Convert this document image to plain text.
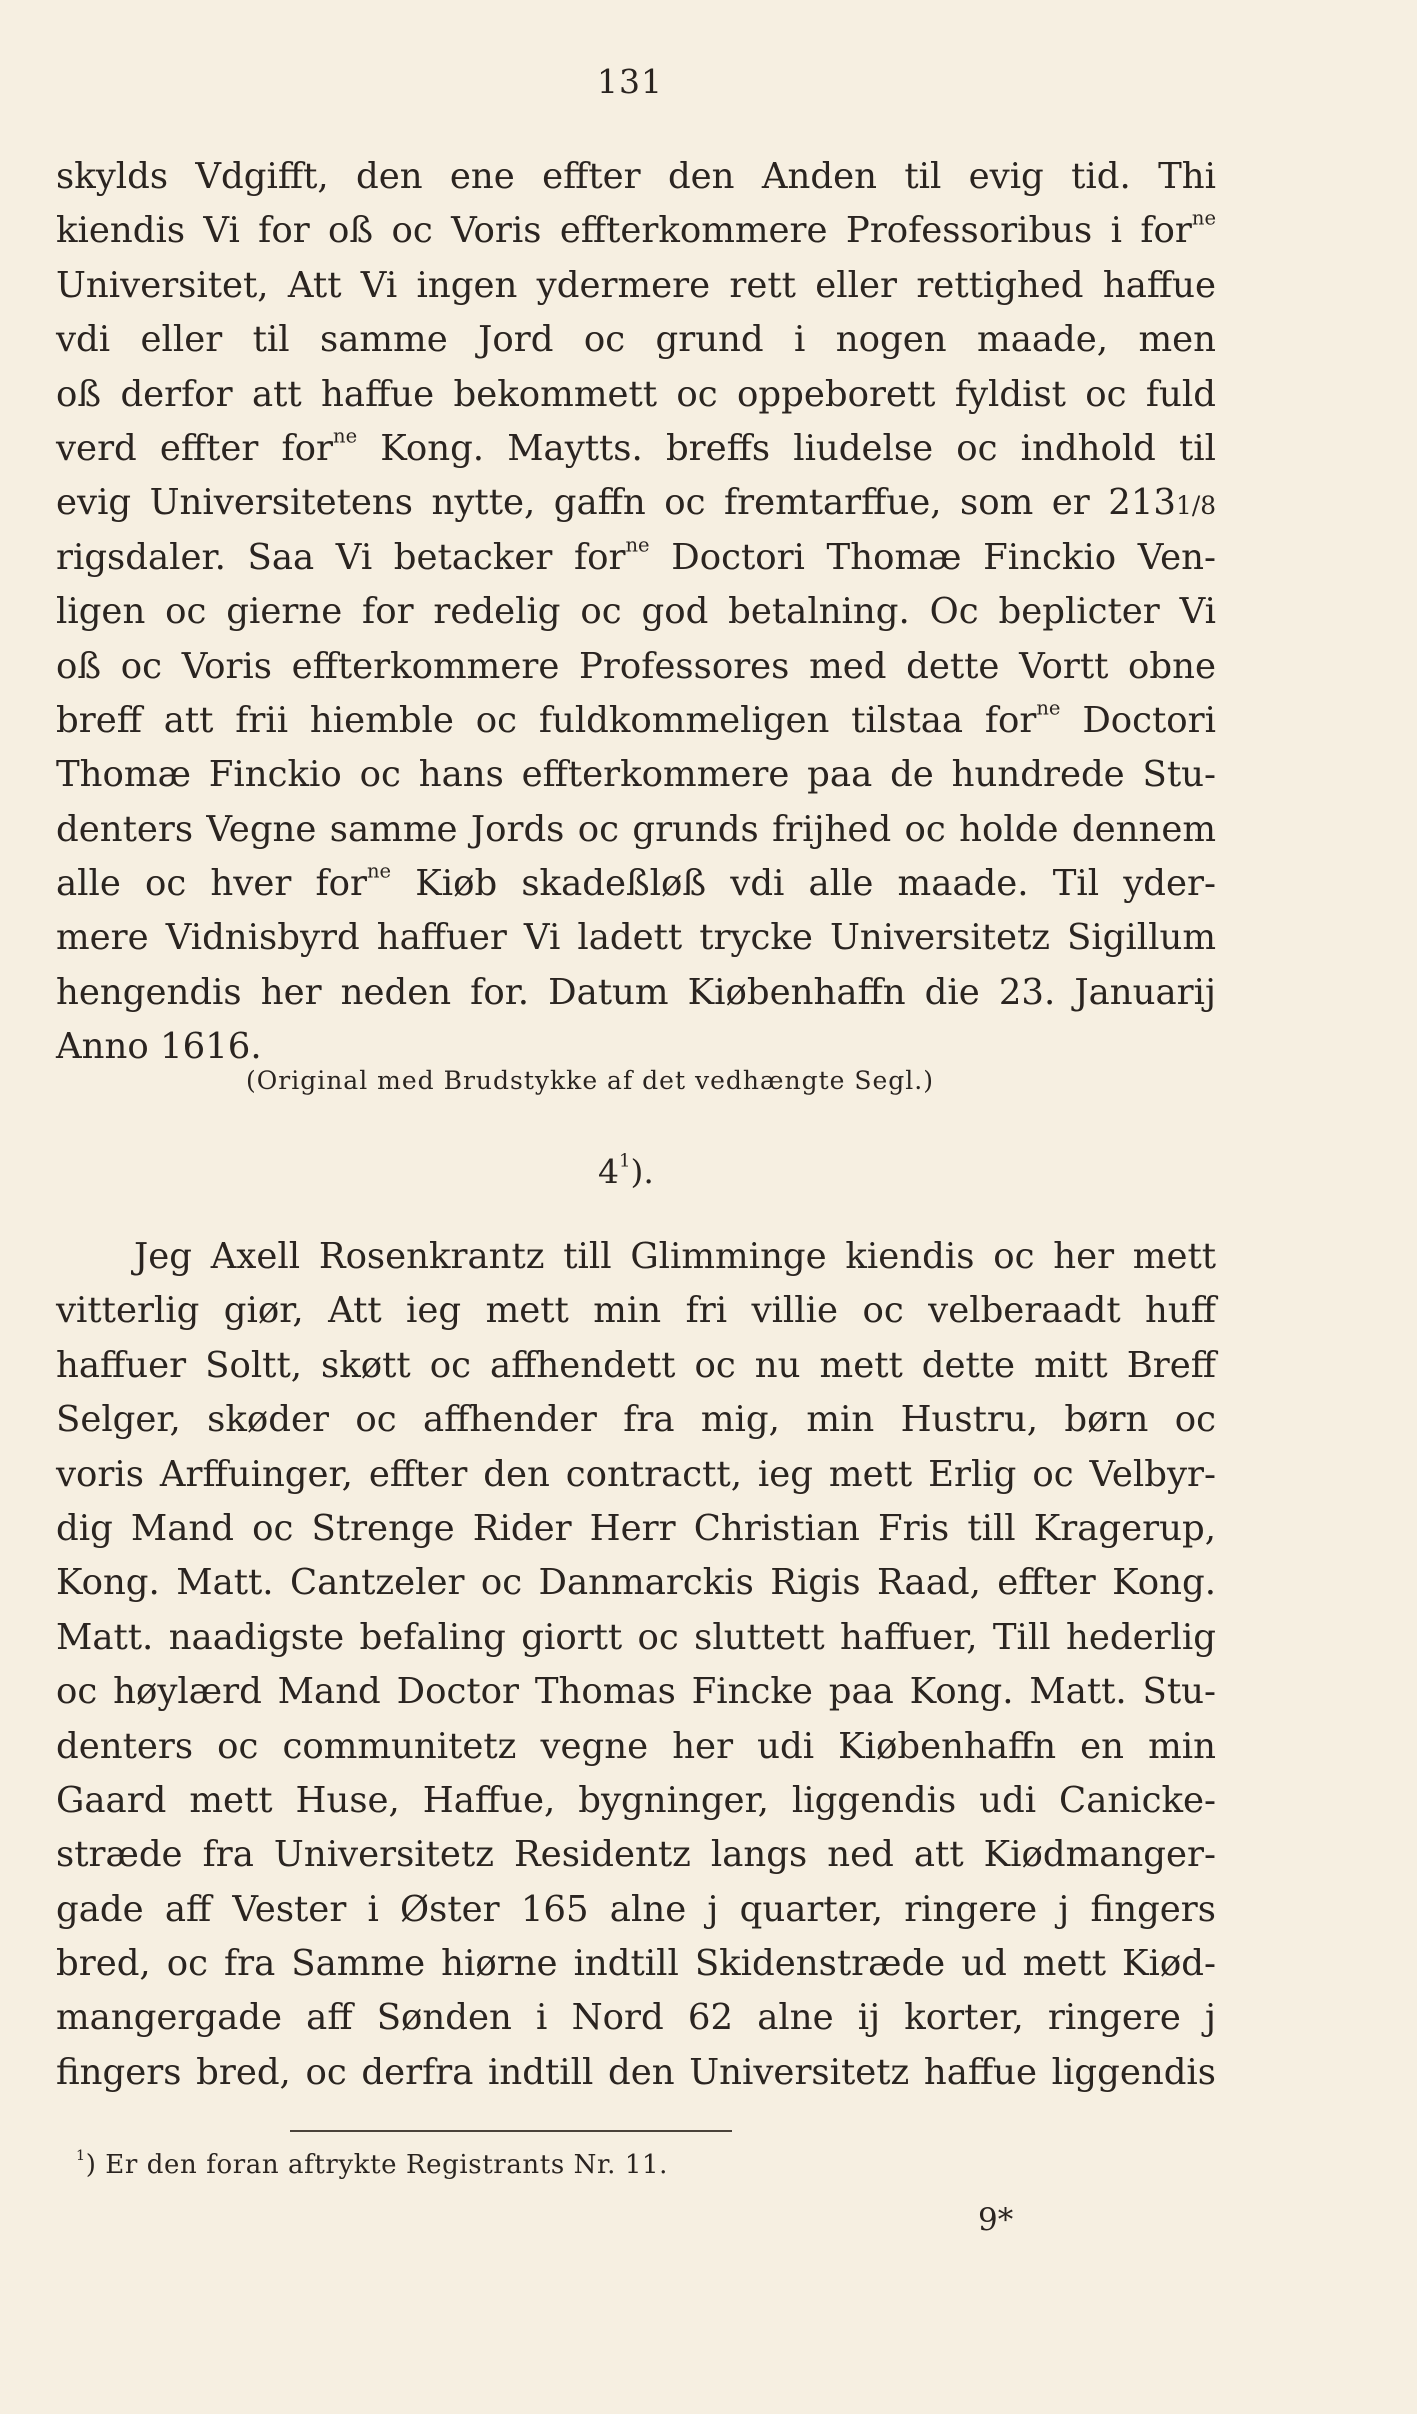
131
skylds Vdgifft, den ene effter den Anden til evig tid. Thi
kiendis Vi for oß oc Voris effterkommere Professoribus i for$^{ne}$
Universitet, Att Vi ingen ydermere rett eller rettighed haffue
vdi eller til samme Jord oc grund i nogen maade, men
oß derfor att haffue bekommett oc oppeborett fyldist oc fuld
verd effter for$^{ne}$ Kong. Maytts. breffs liudelse oc indhold til
evig Universitetens nytte, gaffn oc fremtarffue, som er 2131/8
rigsdaler. Saa Vi betacker for$^{ne}$ Doctori Thomæ Finckio Ven-
ligen oc gierne for redelig oc god betalning. Oc beplicter Vi
oß oc Voris effterkommere Professores med dette Vortt obne
breff att frii hiemble oc fuldkommeligen tilstaa for$^{ne}$ Doctori
Thomæ Finckio oc hans effterkommere paa de hundrede Stu-
denters Vegne samme Jords oc grunds frijhed oc holde dennem
alle oc hver for$^{ne}$ Kiøb skadeßløß vdi alle maade. Til yder-
mere Vidnisbyrd haffuer Vi ladett trycke Universitetz Sigillum
hengendis her neden for. Datum Kiøbenhaffn die 23. Januarij
Anno 1616.
(Original med Brudstykke af det vedhængte Segl.)
$4^1$).
Jeg Axell Rosenkrantz till Glimminge kiendis oc her mett
vitterlig giør, Att ieg mett min fri villie oc velberaadt huff
haffuer Soltt, skøtt oc affhendett oc nu mett dette mitt Breff
Selger, skøder oc affhender fra mig, min Hustru, børn oc
voris Arffuinger, effter den contractt, ieg mett Erlig oc Velbyr-
dig Mand oc Strenge Rider Herr Christian Fris till Kragerup,
Kong. Matt. Cantzeler oc Danmarckis Rigis Raad, effter Kong.
Matt. naadigste befaling giortt oc sluttett haffuer, Till hederlig
oc høylærd Mand Doctor Thomas Fincke paa Kong. Matt. Stu-
denters oc communitetz vegne her udi Kiøbenhaffn en min
Gaard mett Huse, Haffue, bygninger, liggendis udi Canicke-
stræde fra Universitetz Residentz langs ned att Kiødmanger-
gade aff Vester i Øster 165 alne j quarter, ringere j fingers
bred, oc fra Samme hiørne indtill Skidenstræde ud mett Kiød-
mangergade aff Sønden i Nord 62 alne ij korter, ringere j
fingers bred, oc derfra indtill den Universitetz haffue liggendis
$^1$) Er den foran aftrykte Registrants Nr. 11.
9*
